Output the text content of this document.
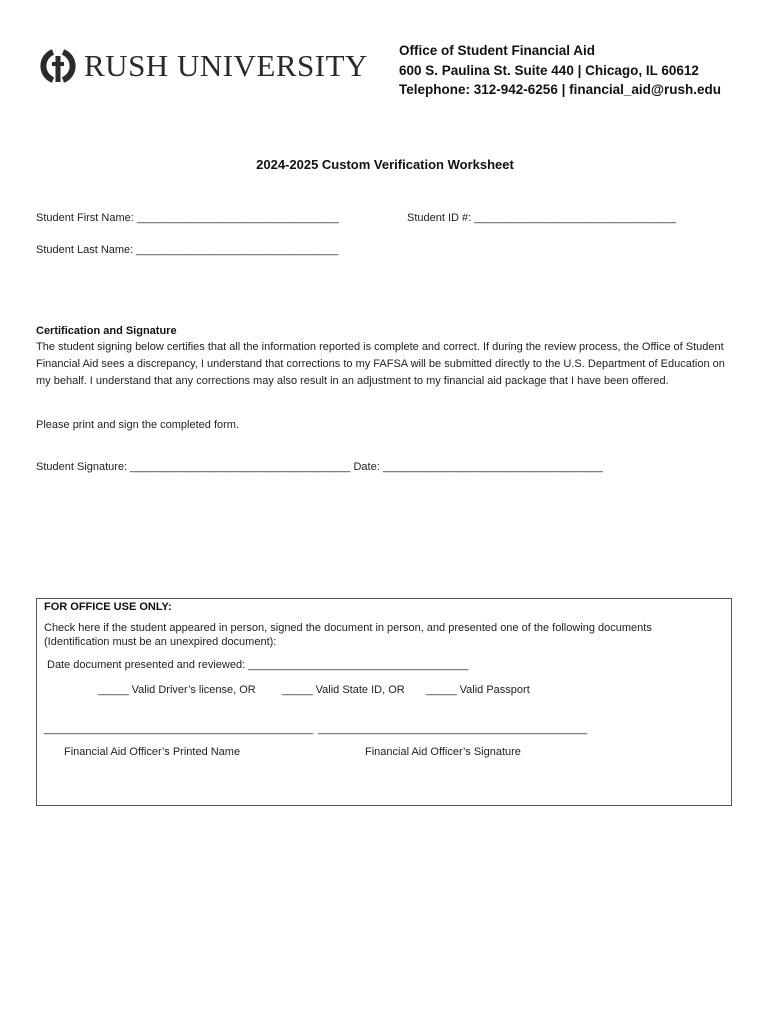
RUSH UNIVERSITY Office of Student Financial Aid
600 S. Paulina St. Suite 440 | Chicago, IL 60612
Telephone: 312-942-6256 | financial_aid@rush.edu
2024-2025 Custom Verification Worksheet
Student First Name: _________________________________	Student ID #: _________________________________
Student Last Name: _________________________________
Certification and Signature
The student signing below certifies that all the information reported is complete and correct. If during the review process, the Office of Student Financial Aid sees a discrepancy, I understand that corrections to my FAFSA will be submitted directly to the U.S. Department of Education on my behalf. I understand that any corrections may also result in an adjustment to my financial aid package that I have been offered.
Please print and sign the completed form.
Student Signature: ____________________________________ Date: ____________________________________
FOR OFFICE USE ONLY:
Check here if the student appeared in person, signed the document in person, and presented one of the following documents
(Identification must be an unexpired document):
Date document presented and reviewed: ____________________________________
_____ Valid Driver’s license, OR _____ Valid State ID, OR _____ Valid Passport
____________________________________________ ____________________________________________
Financial Aid Officer’s Printed Name	Financial Aid Officer’s Signature
